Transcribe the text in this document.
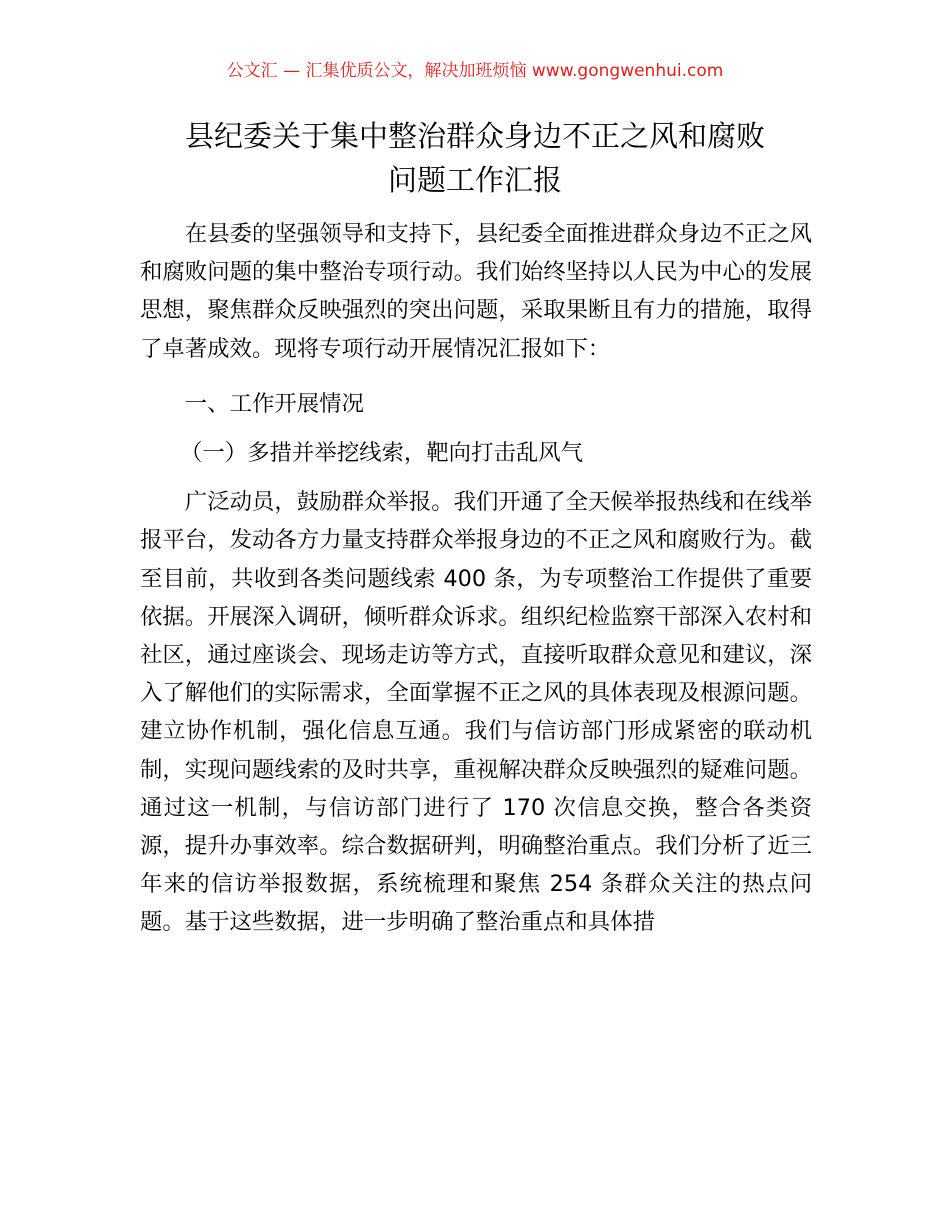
公文汇 — 汇集优质公文，解决加班烦恼 www.gongwenhui.com
县纪委关于集中整治群众身边不正之风和腐败
问题工作汇报

在县委的坚强领导和支持下，县纪委全面推进群众身边不正之风和腐败问题的集中整治专项行动。我们始终坚持以人民为中心的发展思想，聚焦群众反映强烈的突出问题，采取果断且有力的措施，取得了卓著成效。现将专项行动开展情况汇报如下：

一、工作开展情况

（一）多措并举挖线索，靶向打击乱风气

广泛动员，鼓励群众举报。我们开通了全天候举报热线和在线举报平台，发动各方力量支持群众举报身边的不正之风和腐败行为。截至目前，共收到各类问题线索 400 条，为专项整治工作提供了重要依据。开展深入调研，倾听群众诉求。组织纪检监察干部深入农村和社区，通过座谈会、现场走访等方式，直接听取群众意见和建议，深入了解他们的实际需求，全面掌握不正之风的具体表现及根源问题。建立协作机制，强化信息互通。我们与信访部门形成紧密的联动机制，实现问题线索的及时共享，重视解决群众反映强烈的疑难问题。通过这一机制，与信访部门进行了 170 次信息交换，整合各类资源，提升办事效率。综合数据研判，明确整治重点。我们分析了近三年来的信访举报数据，系统梳理和聚焦 254 条群众关注的热点问题。基于这些数据，进一步明确了整治重点和具体措
